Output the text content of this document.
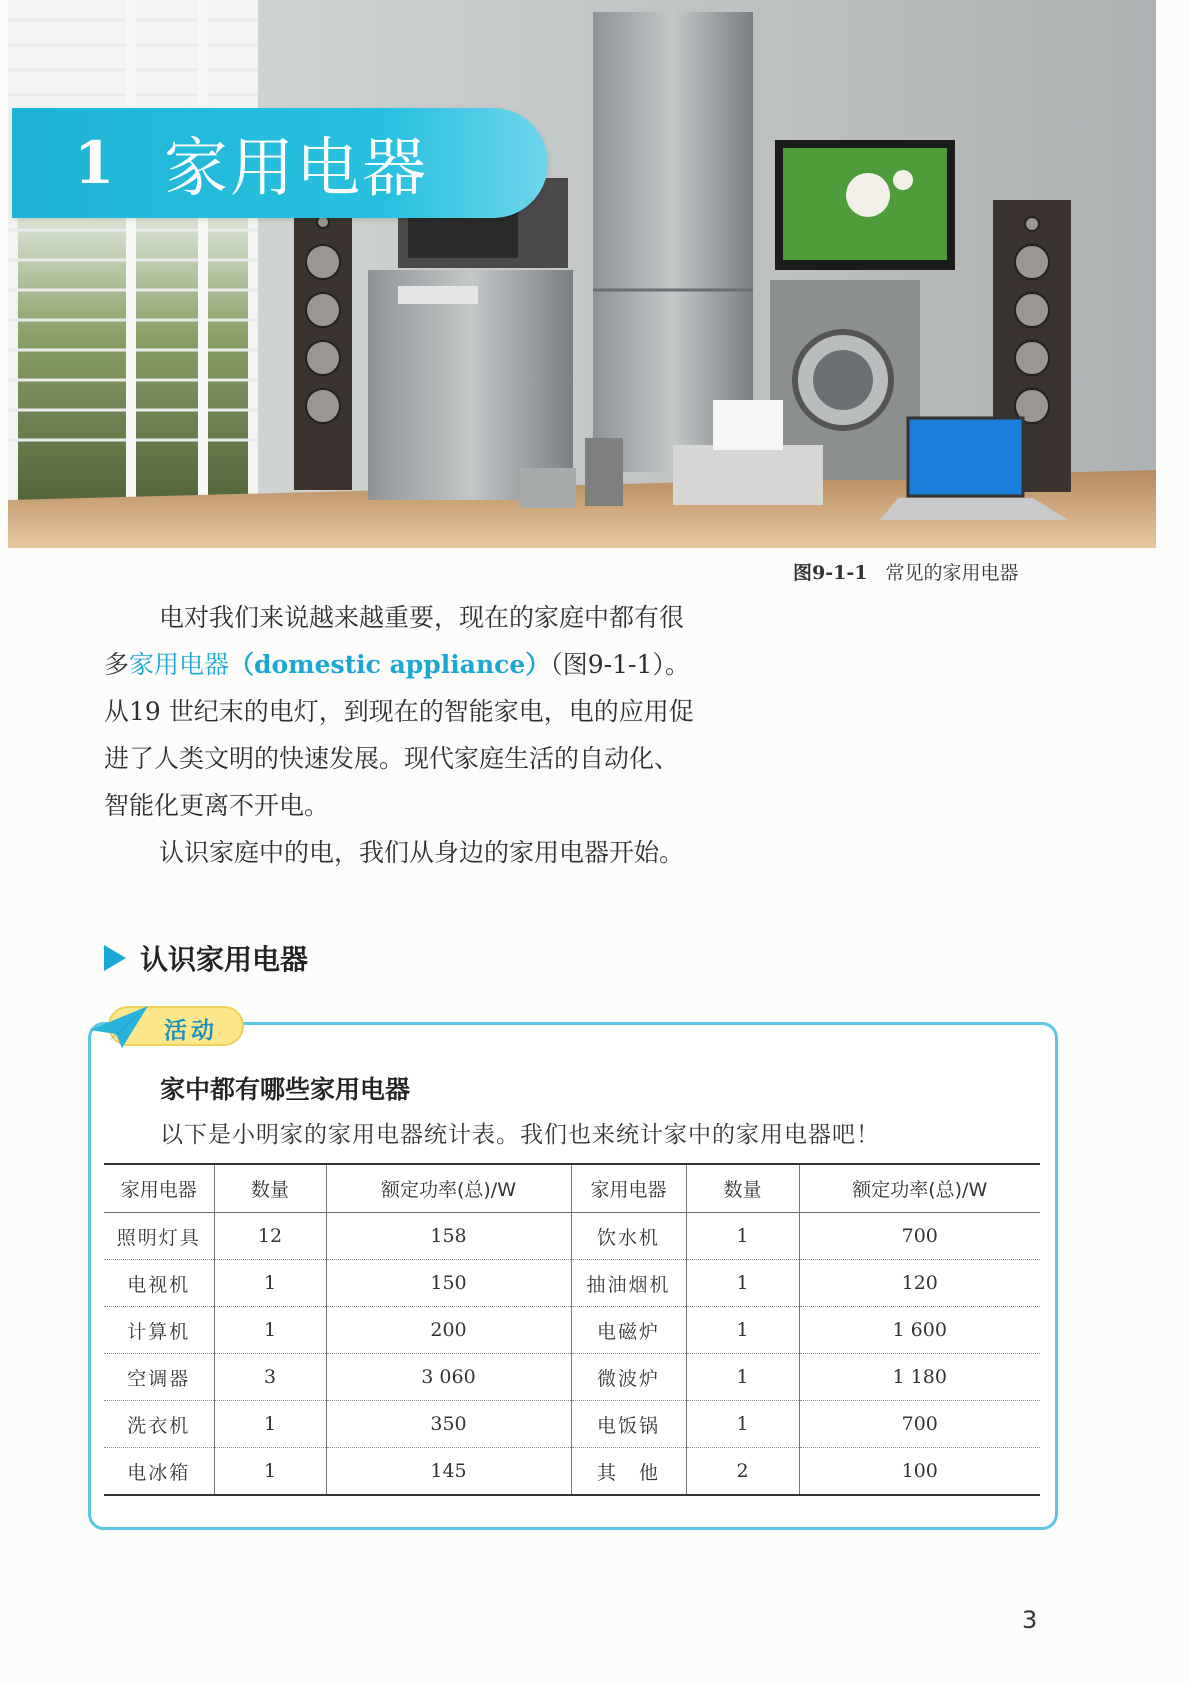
1 家用电器
图9-1-1 常见的家用电器

电对我们来说越来越重要，现在的家庭中都有很多家用电器（domestic appliance）（图9-1-1）。从19 世纪末的电灯，到现在的智能家电，电的应用促进了人类文明的快速发展。现代家庭生活的自动化、智能化更离不开电。

认识家庭中的电，我们从身边的家用电器开始。

认识家用电器
活动
家中都有哪些家用电器
以下是小明家的家用电器统计表。我们也来统计家中的家用电器吧！
家用电器	数量	额定功率(总)/W	家用电器	数量	额定功率(总)/W
照明灯具	12	158	饮水机	1	700
电视机	1	150	抽油烟机	1	120
计算机	1	200	电磁炉	1	1 600
空调器	3	3 060	微波炉	1	1 180
洗衣机	1	350	电饭锅	1	700
电冰箱	1	145	其　他	2	100
3
